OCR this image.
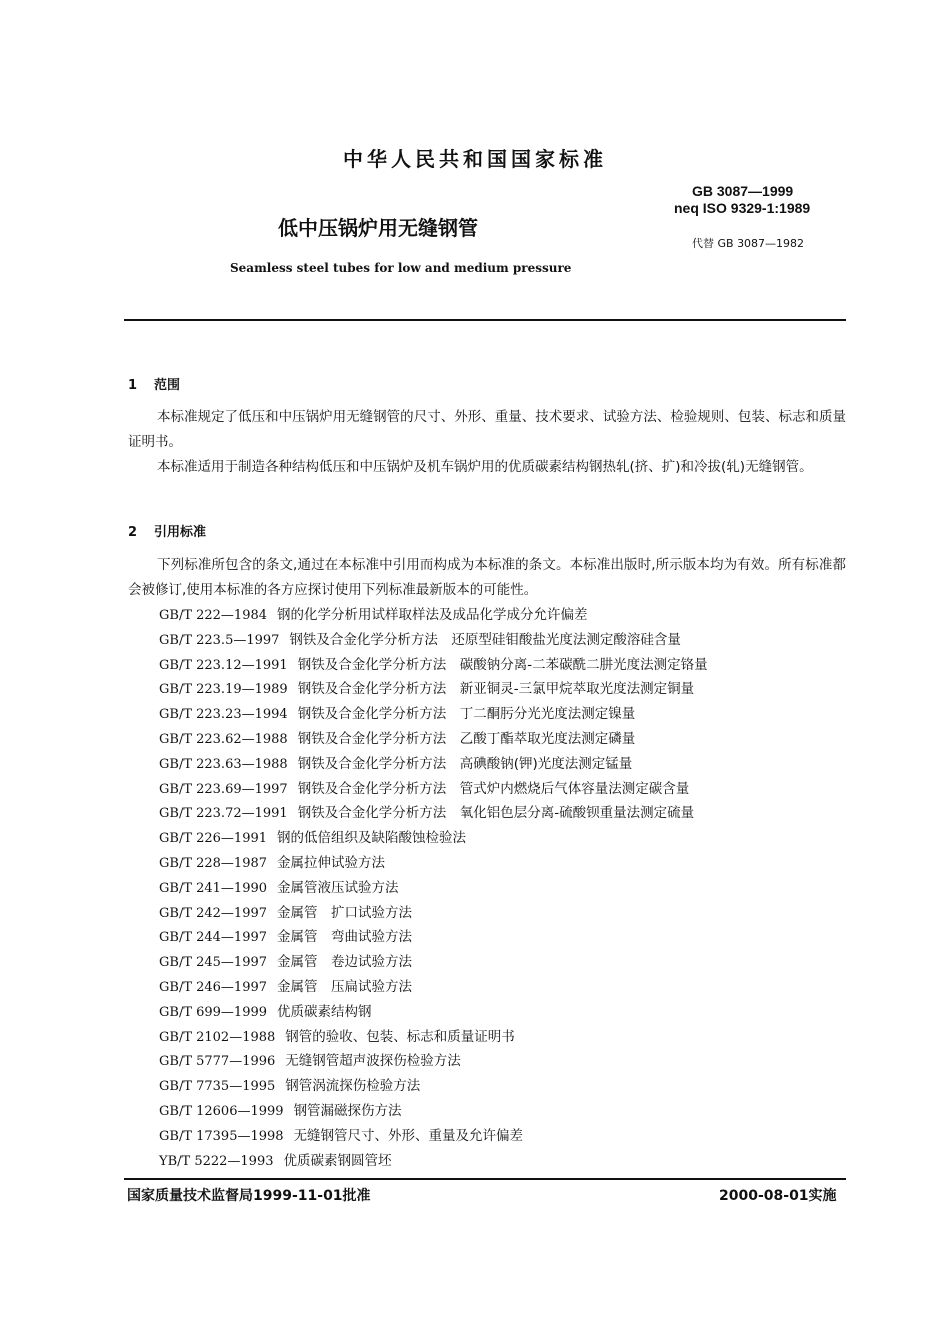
中华人民共和国国家标准
GB 3087—1999
neq ISO 9329-1:1989
低中压锅炉用无缝钢管
代替 GB 3087—1982
Seamless steel tubes for low and medium pressure
1 范围
本标准规定了低压和中压锅炉用无缝钢管的尺寸、外形、重量、技术要求、试验方法、检验规则、包装、标志和质量证明书。
本标准适用于制造各种结构低压和中压锅炉及机车锅炉用的优质碳素结构钢热轧(挤、扩)和冷拔(轧)无缝钢管。
2 引用标准
下列标准所包含的条文,通过在本标准中引用而构成为本标准的条文。本标准出版时,所示版本均为有效。所有标准都会被修订,使用本标准的各方应探讨使用下列标准最新版本的可能性。
GB/T 222—1984 钢的化学分析用试样取样法及成品化学成分允许偏差
GB/T 223.5—1997 钢铁及合金化学分析方法　还原型硅钼酸盐光度法测定酸溶硅含量
GB/T 223.12—1991 钢铁及合金化学分析方法　碳酸钠分离-二苯碳酰二肼光度法测定铬量
GB/T 223.19—1989 钢铁及合金化学分析方法　新亚铜灵-三氯甲烷萃取光度法测定铜量
GB/T 223.23—1994 钢铁及合金化学分析方法　丁二酮肟分光光度法测定镍量
GB/T 223.62—1988 钢铁及合金化学分析方法　乙酸丁酯萃取光度法测定磷量
GB/T 223.63—1988 钢铁及合金化学分析方法　高碘酸钠(钾)光度法测定锰量
GB/T 223.69—1997 钢铁及合金化学分析方法　管式炉内燃烧后气体容量法测定碳含量
GB/T 223.72—1991 钢铁及合金化学分析方法　氧化铝色层分离-硫酸钡重量法测定硫量
GB/T 226—1991 钢的低倍组织及缺陷酸蚀检验法
GB/T 228—1987 金属拉伸试验方法
GB/T 241—1990 金属管液压试验方法
GB/T 242—1997 金属管　扩口试验方法
GB/T 244—1997 金属管　弯曲试验方法
GB/T 245—1997 金属管　卷边试验方法
GB/T 246—1997 金属管　压扁试验方法
GB/T 699—1999 优质碳素结构钢
GB/T 2102—1988 钢管的验收、包装、标志和质量证明书
GB/T 5777—1996 无缝钢管超声波探伤检验方法
GB/T 7735—1995 钢管涡流探伤检验方法
GB/T 12606—1999 钢管漏磁探伤方法
GB/T 17395—1998 无缝钢管尺寸、外形、重量及允许偏差
YB/T 5222—1993 优质碳素钢圆管坯
国家质量技术监督局1999-11-01批准	2000-08-01实施
